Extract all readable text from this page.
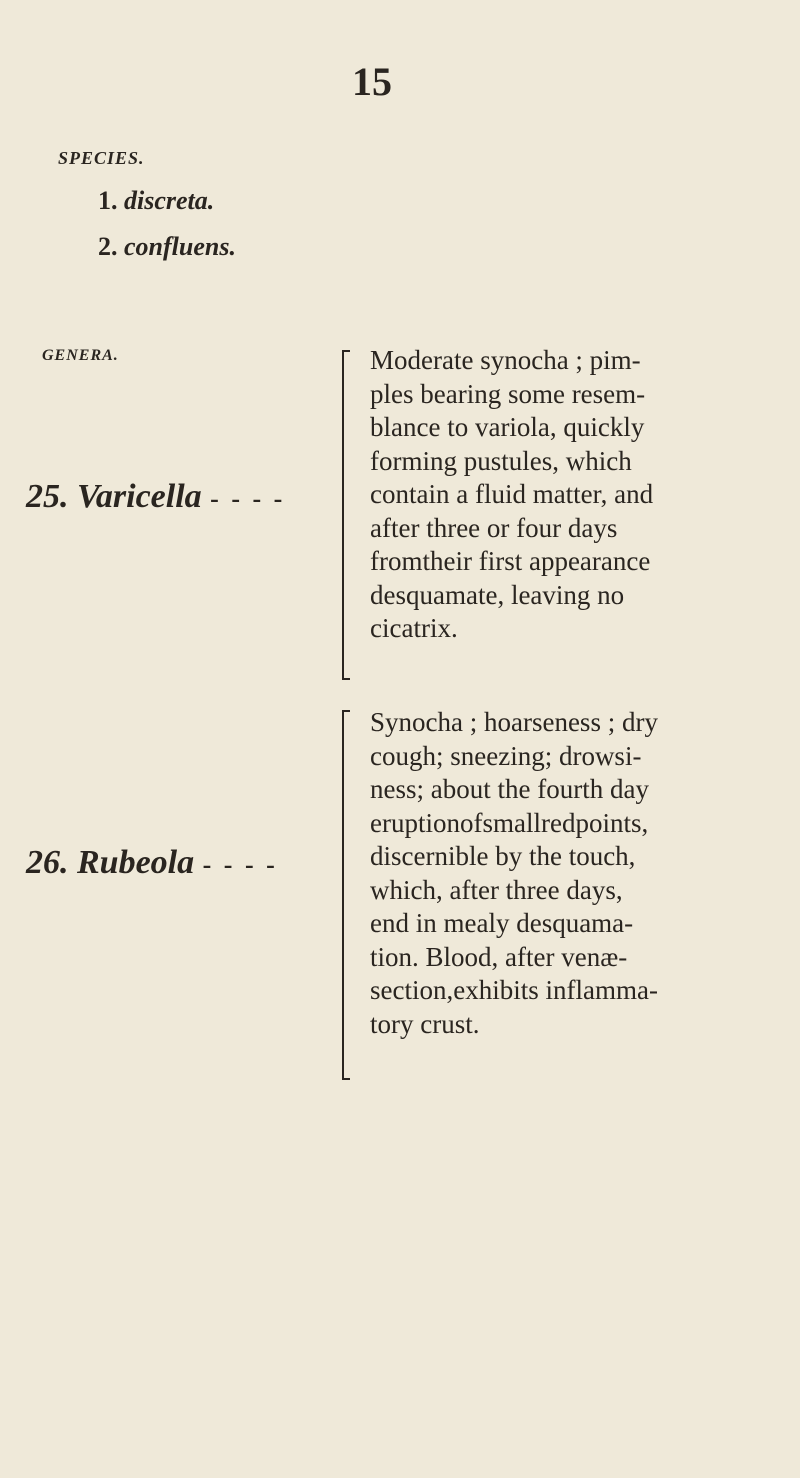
15
SPECIES.
1. discreta.
2. confluens.
GENERA.
25. Varicella - - - -
Moderate synocha ; pim-
ples bearing some resem-
blance to variola, quickly
forming pustules, which
contain a fluid matter, and
after three or four days
fromtheir first appearance
desquamate, leaving no
cicatrix.
26. Rubeola - - - -
Synocha ; hoarseness ; dry
cough; sneezing; drowsi-
ness; about the fourth day
eruptionofsmallredpoints,
discernible by the touch,
which, after three days,
end in mealy desquama-
tion. Blood, after venæ-
section,exhibits inflamma-
tory crust.
